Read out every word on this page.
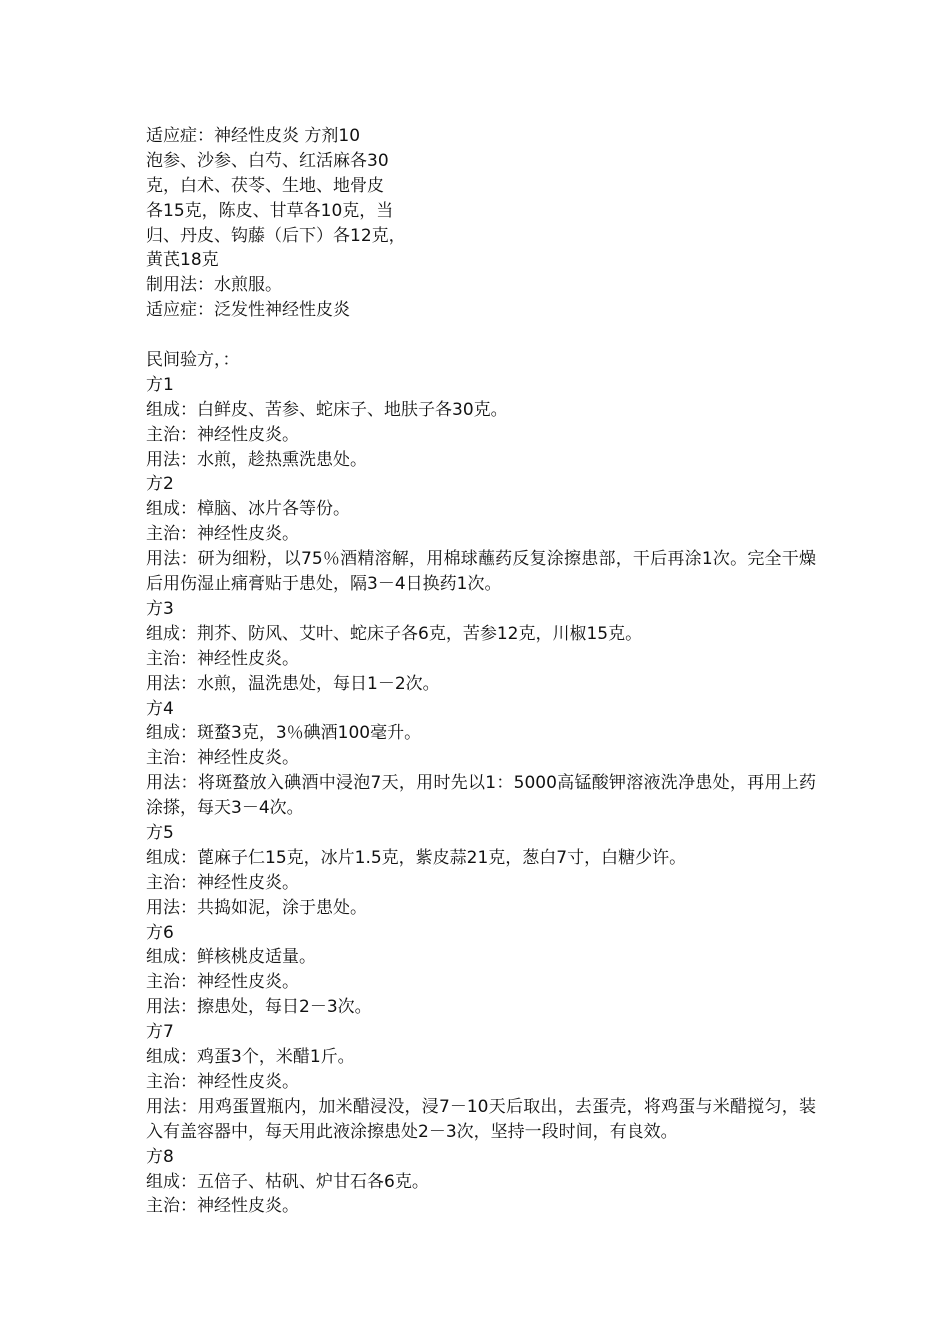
适应症：神经性皮炎 方剂10
泡参、沙参、白芍、红活麻各30
克，白术、茯苓、生地、地骨皮
各15克，陈皮、甘草各10克，当
归、丹皮、钩藤（后下）各12克，
黄芪18克
制用法：水煎服。
适应症：泛发性神经性皮炎
民间验方，：
方1
组成：白鲜皮、苦参、蛇床子、地肤子各30克。
主治：神经性皮炎。
用法：水煎，趁热熏洗患处。
方2
组成：樟脑、冰片各等份。
主治：神经性皮炎。
用法：研为细粉，以75％酒精溶解，用棉球蘸药反复涂擦患部，干后再涂1次。完全干燥后用伤湿止痛膏贴于患处，隔3－4日换药1次。
方3
组成：荆芥、防风、艾叶、蛇床子各6克，苦参12克，川椒15克。
主治：神经性皮炎。
用法：水煎，温洗患处，每日1－2次。
方4
组成：斑蝥3克，3％碘酒100毫升。
主治：神经性皮炎。
用法：将斑蝥放入碘酒中浸泡7天，用时先以1：5000高锰酸钾溶液洗净患处，再用上药涂搽，每天3－4次。
方5
组成：蓖麻子仁15克，冰片1.5克，紫皮蒜21克，葱白7寸，白糖少许。
主治：神经性皮炎。
用法：共捣如泥，涂于患处。
方6
组成：鲜核桃皮适量。
主治：神经性皮炎。
用法：擦患处，每日2－3次。
方7
组成：鸡蛋3个，米醋1斤。
主治：神经性皮炎。
用法：用鸡蛋置瓶内，加米醋浸没，浸7－10天后取出，去蛋壳，将鸡蛋与米醋搅匀，装入有盖容器中，每天用此液涂擦患处2－3次，坚持一段时间，有良效。
方8
组成：五倍子、枯矾、炉甘石各6克。
主治：神经性皮炎。
